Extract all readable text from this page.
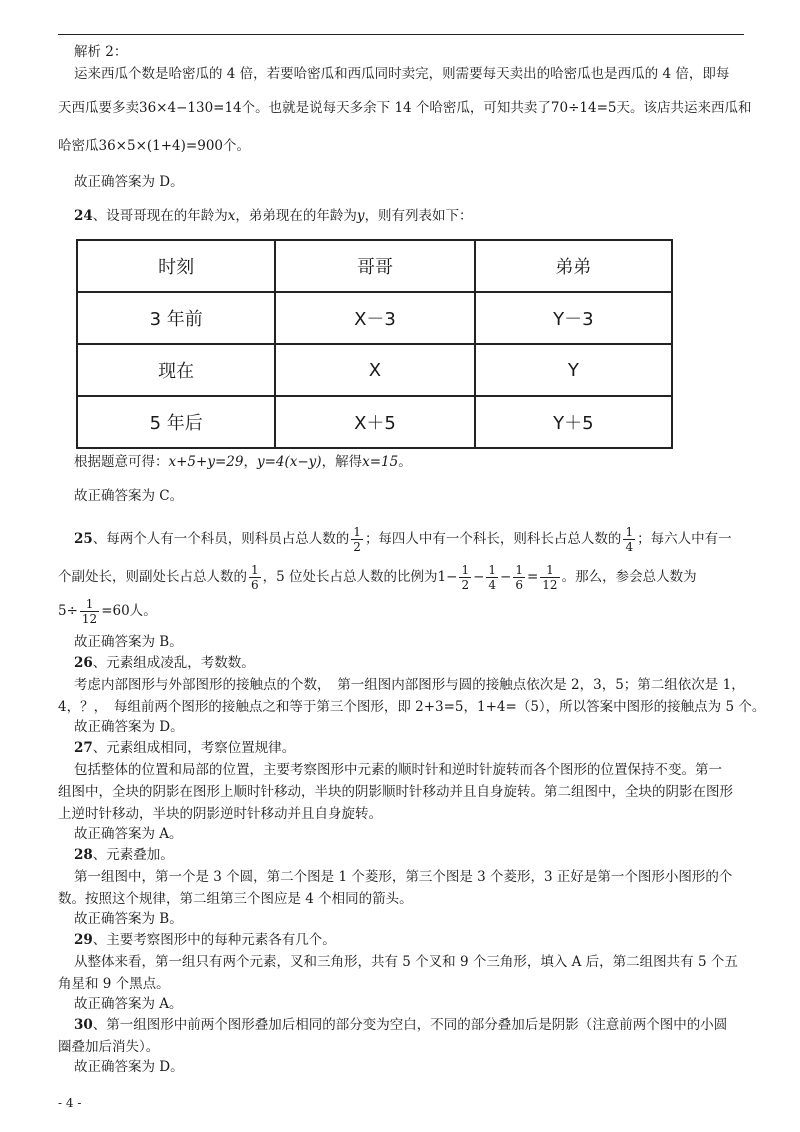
解析 2：
运来西瓜个数是哈密瓜的 4 倍，若要哈密瓜和西瓜同时卖完，则需要每天卖出的哈密瓜也是西瓜的 4 倍，即每
天西瓜要多卖36×4−130=14个。也就是说每天多余下 14 个哈密瓜，可知共卖了70÷14=5天。该店共运来西瓜和
哈密瓜36×5×(1+4)=900个。
故正确答案为 D。
24、设哥哥现在的年龄为x，弟弟现在的年龄为y，则有列表如下：
时刻	哥哥	弟弟
3 年前	X－3	Y－3
现在	X	Y
5 年后	X＋5	Y＋5
根据题意可得：x+5+y=29，y=4(x−y)，解得x=15。
故正确答案为 C。
25、每两个人有一个科员，则科员占总人数的 $\frac{1}{2}$ ；每四人中有一个科长，则科长占总人数的 $\frac{1}{4}$ ；每六人中有一
个副处长，则副处长占总人数的 $\frac{1}{6}$ ，5 位处长占总人数的比例为$1- \frac{1}{2} - \frac{1}{4} - \frac{1}{6} = \frac{1}{12}$ 。那么，参会总人数为
$5\div \frac{1}{12} =60$人。
故正确答案为 B。
26、元素组成凌乱，考数数。
考虑内部图形与外部图形的接触点的个数，　第一组图内部图形与圆的接触点依次是 2，3，5；第二组依次是 1，
4，？，　每组前两个图形的接触点之和等于第三个图形，即 2+3=5，1+4=（5），所以答案中图形的接触点为 5 个。
故正确答案为 D。
27、元素组成相同，考察位置规律。
包括整体的位置和局部的位置，主要考察图形中元素的顺时针和逆时针旋转而各个图形的位置保持不变。第一
组图中，全块的阴影在图形上顺时针移动，半块的阴影顺时针移动并且自身旋转。第二组图中，全块的阴影在图形
上逆时针移动，半块的阴影逆时针移动并且自身旋转。
故正确答案为 A。
28、元素叠加。
第一组图中，第一个是 3 个圆，第二个图是 1 个菱形，第三个图是 3 个菱形，3 正好是第一个图形小图形的个
数。按照这个规律，第二组第三个图应是 4 个相同的箭头。
故正确答案为 B。
29、主要考察图形中的每种元素各有几个。
从整体来看，第一组只有两个元素，叉和三角形，共有 5 个叉和 9 个三角形，填入 A 后，第二组图共有 5 个五
角星和 9 个黑点。
故正确答案为 A。
30、第一组图形中前两个图形叠加后相同的部分变为空白，不同的部分叠加后是阴影（注意前两个图中的小圆
圈叠加后消失）。
故正确答案为 D。
- 4 -
